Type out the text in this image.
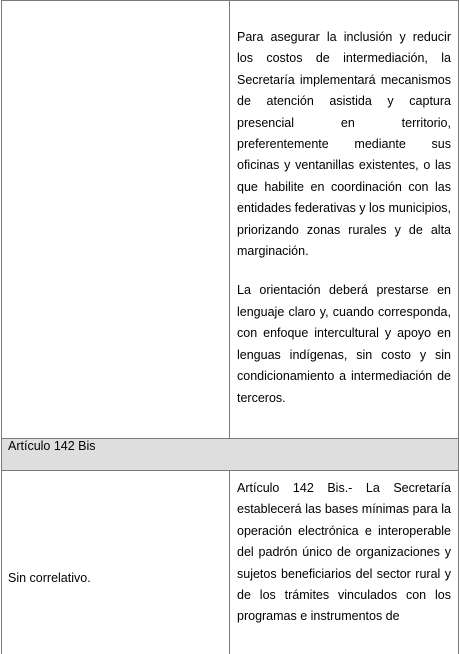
	Para asegurar la inclusión y reducir los costos de intermediación, la Secretaría implementará mecanismos de atención asistida y captura presencial en territorio, preferentemente mediante sus oficinas y ventanillas existentes, o las que habilite en coordinación con las entidades federativas y los municipios, priorizando zonas rurales y de alta marginación.

La orientación deberá prestarse en lenguaje claro y, cuando corresponda, con enfoque intercultural y apoyo en lenguas indígenas, sin costo y sin condicionamiento a intermediación de terceros.

Artículo 142 Bis	

Sin correlativo.	Artículo 142 Bis.- La Secretaría establecerá las bases mínimas para la operación electrónica e interoperable del padrón único de organizaciones y sujetos beneficiarios del sector rural y de los trámites vinculados con los programas e instrumentos de
